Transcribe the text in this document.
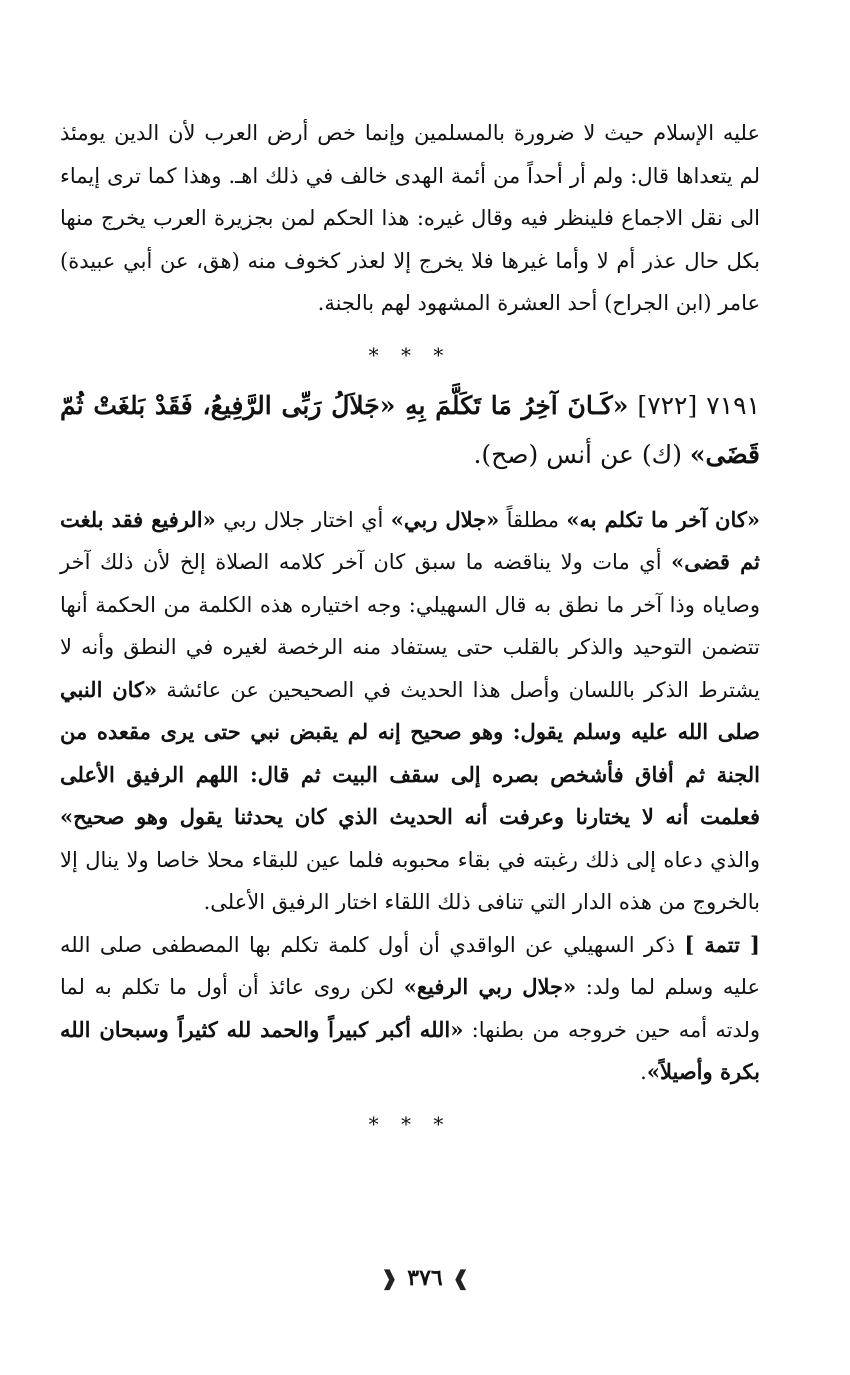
عليه الإسلام حيث لا ضرورة بالمسلمين وإنما خص أرض العرب لأن الدين يومئذ لم يتعداها قال: ولم أر أحداً من أئمة الهدى خالف في ذلك اهـ. وهذا كما ترى إيماء الى نقل الاجماع فلينظر فيه وقال غيره: هذا الحكم لمن بجزيرة العرب يخرج منها بكل حال عذر أم لا وأما غيرها فلا يخرج إلا لعذر كخوف منه (هق، عن أبي عبيدة) عامر (ابن الجراح) أحد العشرة المشهود لهم بالجنة.

* * *

٧١٩١ [٧٢٢] «كَـانَ آخِرُ مَا تَكَلَّمَ بِهِ «جَلاَلُ رَبِّى الرَّفِيعُ، فَقَدْ بَلغَتْ ثُمّ قَضَى» (ك) عن أنس (صح).

«كان آخر ما تكلم به» مطلقاً «جلال ربي» أي اختار جلال ربي «الرفيع فقد بلغت ثم قضى» أي مات ولا يناقضه ما سبق كان آخر كلامه الصلاة إلخ لأن ذلك آخر وصاياه وذا آخر ما نطق به قال السهيلي: وجه اختياره هذه الكلمة من الحكمة أنها تتضمن التوحيد والذكر بالقلب حتى يستفاد منه الرخصة لغيره في النطق وأنه لا يشترط الذكر باللسان وأصل هذا الحديث في الصحيحين عن عائشة «كان النبي صلى الله عليه وسلم يقول: وهو صحيح إنه لم يقبض نبي حتى يرى مقعده من الجنة ثم أفاق فأشخص بصره إلى سقف البيت ثم قال: اللهم الرفيق الأعلى فعلمت أنه لا يختارنا وعرفت أنه الحديث الذي كان يحدثنا يقول وهو صحيح» والذي دعاه إلى ذلك رغبته في بقاء محبوبه فلما عين للبقاء محلا خاصا ولا ينال إلا بالخروج من هذه الدار التي تنافى ذلك اللقاء اختار الرفيق الأعلى.

[ تتمة ] ذكر السهيلي عن الواقدي أن أول كلمة تكلم بها المصطفى صلى الله عليه وسلم لما ولد: «جلال ربي الرفيع» لكن روى عائذ أن أول ما تكلم به لما ولدته أمه حين خروجه من بطنها: «الله أكبر كبيراً والحمد لله كثيراً وسبحان الله بكرة وأصيلاً».

* * *
❱ ٣٧٦ ❰
